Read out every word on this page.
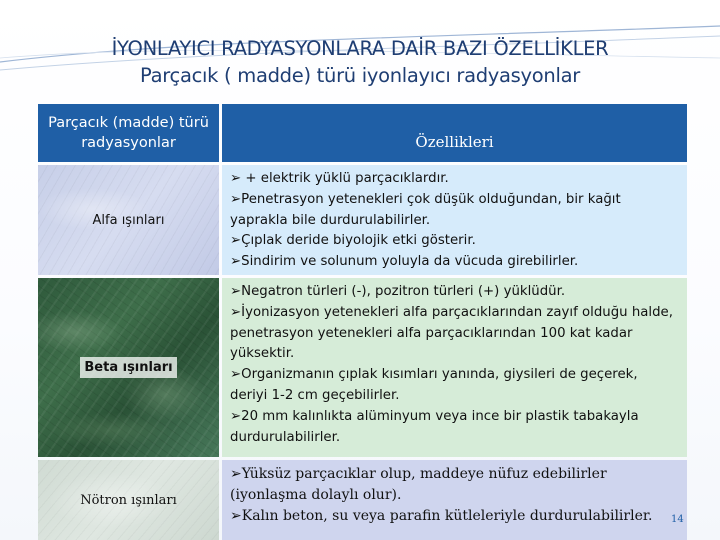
İYONLAYICI RADYASYONLARA DAİR BAZI ÖZELLİKLER
Parçacık ( madde) türü iyonlayıcı radyasyonlar
Parçacık (madde) türü radyasyonlar	Özellikleri
Alfa ışınları
➢ + elektrik yüklü parçacıklardır.
➢Penetrasyon yetenekleri çok düşük olduğundan, bir kağıt yaprakla bile durdurulabilirler.
➢Çıplak deride biyolojik etki gösterir.
➢Sindirim ve solunum yoluyla da vücuda girebilirler.
Beta ışınları
➢Negatron türleri (-), pozitron türleri (+) yüklüdür.
➢İyonizasyon yetenekleri alfa parçacıklarından zayıf olduğu halde, penetrasyon yetenekleri alfa parçacıklarından 100 kat kadar yüksektir.
➢Organizmanın çıplak kısımları yanında, giysileri de geçerek, deriyi 1-2 cm geçebilirler.
➢20 mm kalınlıkta alüminyum veya ince bir plastik tabakayla durdurulabilirler.
Nötron ışınları
➢Yüksüz parçacıklar olup, maddeye nüfuz edebilirler (iyonlaşma dolaylı olur).
➢Kalın beton, su veya parafin kütleleriyle durdurulabilirler.	14
